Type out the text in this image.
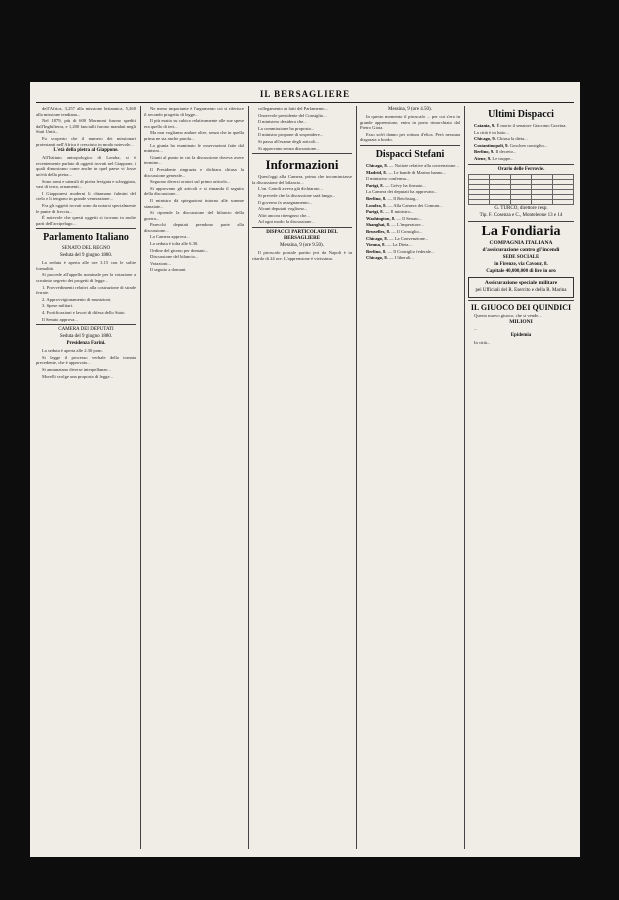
IL BERSAGLIERE

dell'Africa, 3,257 alla missione britannica, 5,260 alla missione tendiana...

Nel 1879, più di 600 Mormoni furono spediti dall'Inghilterra, e 1,200 fanciulli furono mandati negli Stati Uniti...

Fu scoperto che il numero dei missionari protestanti nell'Africa è cresciuto in modo notevole...

L'età della pietra al Giappone.

All'Istituto antropologico di Londra, si è recentemente parlato di oggetti trovati nel Giappone, i quali dimostrano come anche in quel paese vi fosse un'età della pietra...

Sono armi e utensili di pietra levigata e scheggiata, vasi di terra, ornamenti...

I Giapponesi moderni li chiamano fulmini del cielo e li tengono in grande venerazione...

Fra gli oggetti trovati sono da notarsi specialmente le punte di freccia...

È notevole che questi oggetti si trovano in molte parti dell'arcipelago...

Parlamento Italiano
SENATO DEL REGNO
Seduta del 9 giugno 1880.

La seduta è aperta alle ore 3.15 con le solite formalità.

Si procede all'appello nominale per la votazione a scrutinio segreto dei progetti di legge...

1. Provvedimenti relativi alla costruzione di strade ferrate.

2. Approvvigionamento di munizioni.

3. Spese militari.

4. Fortificazioni e lavori di difesa dello Stato.

Il Senato approva...

CAMERA DEI DEPUTATI
Seduta del 9 giugno 1880.
Presidenza Farini.

La seduta è aperta alle 2.30 pom.

Si legge il processo verbale della tornata precedente, che è approvato...

Si annunziano diverse interpellanze...

Morelli svolge una proposta di legge...

Ne meno importante è l'argomento coi si riferisce il secondo progetto di legge...

Il più esatto su cubico relativamente alle sue spese era quello di ieri...

Ma non vogliamo andare oltre, senza che in quella prima ne sia anche parola...

La giunta ha esaminato le osservazioni fatte dal ministro...

Giunti al punto in cui la discussione doveva avere termine...

Il Presidente ringrazia e dichiara chiusa la discussione generale...

Seguono diversi oratori sul primo articolo...

Si approvano gli articoli e si rimanda il seguito della discussione...

Il ministro dà spiegazioni intorno alle somme stanziate...

Si riprende la discussione del bilancio della guerra...

Parecchi deputati prendono parte alla discussione...

La Camera approva...

La seduta è tolta alle 6.30.

Ordine del giorno per domani...

Discussione del bilancio...

Votazioni...

Il seguito a domani.

collegamento ai fatti del Parlamento...

Onorevole presidente del Consiglio...

Il ministero desidera che...

La commissione ha proposto...

Il ministro propone di sospendere...

Si passa all'esame degli articoli...

Si approvano senza discussione...

Informazioni

Quest'oggi alla Camera, prima che incominciasse la discussione del bilancio...

L'on. Cairoli aveva già dichiarato...

Si prevede che la discussione sarà lunga...

Il governo fa assegnamento...

Alcuni deputati vogliono...

Altri ancora ritengono che...

Ad ogni modo la discussione...

DISPACCI PARTICOLARI DEL BERSAGLIERE
Messina, 9 (ore 9.50).

Il piroscafo postale partito jeri da Napoli è in ritardo di 24 ore. L'apprensione è vivissima.

Messina, 9 (ore 4.50).

In questo momento il piroscafo ... per cui s'era in grande apprensione, entra in porto rimorchiato dal Pietro Gioia.

Esso sofrì danno per rottura d'elica. Però nessuna disgrazia a bordo.

Dispacci Stefani

Chicago, 8. — Notizie relative alla convenzione...

Madrid, 8. — Le bande di Marino hanno...

Il ministero conferma...

Parigi, 8. — Grévy ha firmato...

La Camera dei deputati ha approvato...

Berlino, 8. — Il Reichstag...

Londra, 8. — Alla Camera dei Comuni...

Parigi, 8. — Il ministro...

Washington, 8. — Il Senato...

Shanghai, 8. — L'imperatore...

Bruxelles, 8. — Il Consiglio...

Chicago, 8. — La Convenzione...

Vienna, 8. — La Dieta...

Berlino, 8. — Il Consiglio federale...

Chicago, 8. — I liberali...

Ultimi Dispacci

Catania, 9. È morto il senatore Giacomo Gravina.

La città è in lutto...

Chicago, 9. Chiusa la dieta...

Costantinopoli, 9. Goschen consiglio...

Berlino, 9. Il decreto...

Atene, 9. Le truppe...

Orario delle Ferrovie.

G. TURCO, direttore resp.
Tip. F. Cosenza e C., Monteleone 13 e 14
La Fondiaria
COMPAGNIA ITALIANA
d'assicurazione contro gl'incendi
SEDE SOCIALE
in Firenze, via Cavour, 8.
Capitale 40,000,000 di lire in oro
Assicurazione speciale militare
pei Ufficiali del R. Esercito e della R. Marina
IL GIUOCO DEI QUINDICI

Questo nuovo giuoco, che si vende...

MILIONI

...

Epidemia

In città...
